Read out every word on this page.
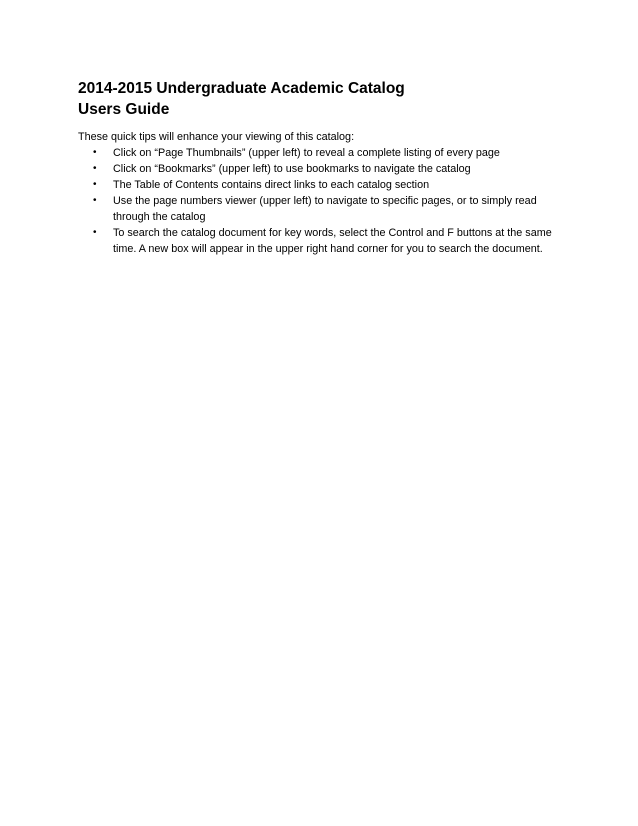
2014-2015 Undergraduate Academic Catalog
Users Guide

These quick tips will enhance your viewing of this catalog:

•	Click on “Page Thumbnails” (upper left) to reveal a complete listing of every page
•	Click on “Bookmarks” (upper left) to use bookmarks to navigate the catalog
•	The Table of Contents contains direct links to each catalog section
•	Use the page numbers viewer (upper left) to navigate to specific pages, or to simply read through the catalog
•	To search the catalog document for key words, select the Control and F buttons at the same time. A new box will appear in the upper right hand corner for you to search the document.
